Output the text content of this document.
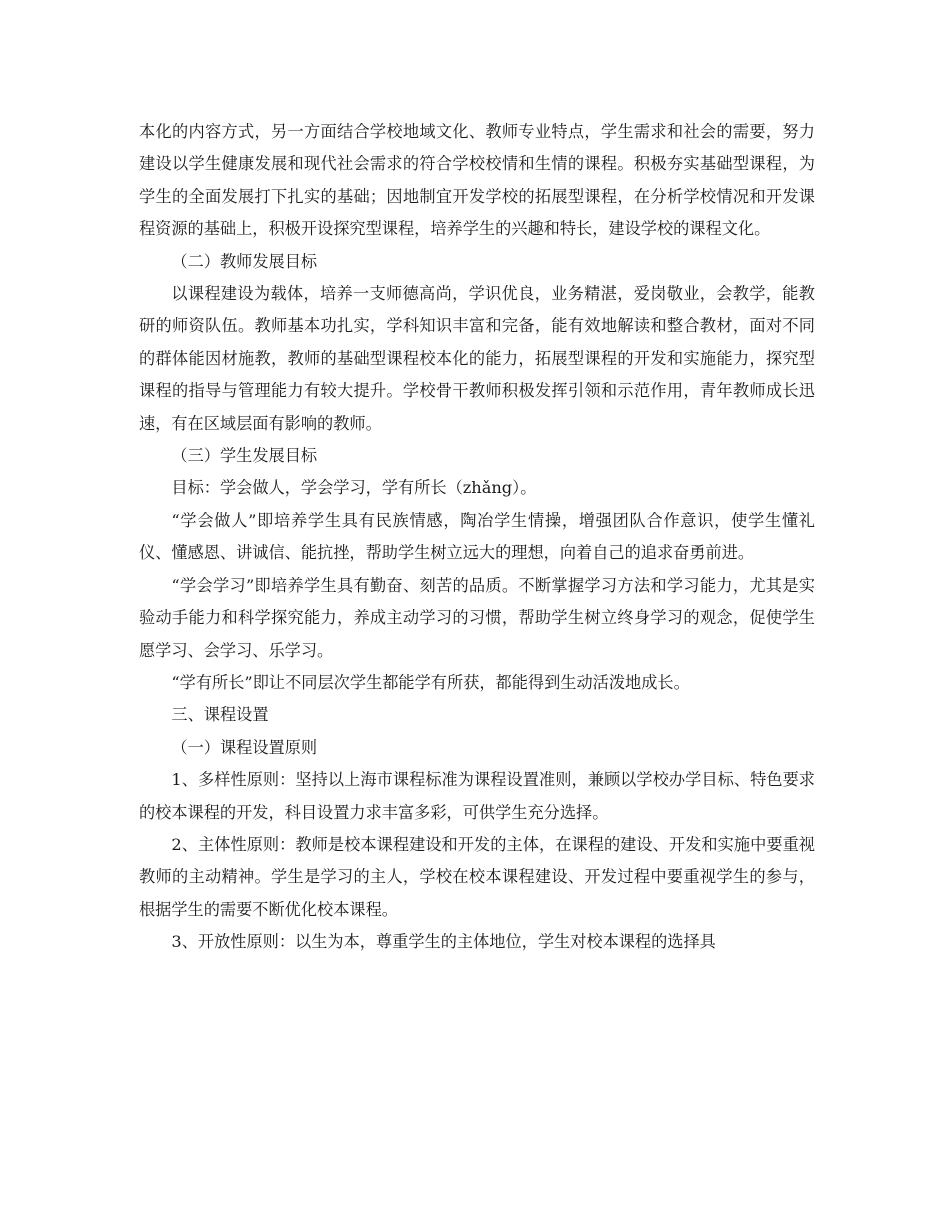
本化的内容方式，另一方面结合学校地域文化、教师专业特点，学生需求和社会的需要，努力建设以学生健康发展和现代社会需求的符合学校校情和生情的课程。积极夯实基础型课程，为学生的全面发展打下扎实的基础；因地制宜开发学校的拓展型课程，在分析学校情况和开发课程资源的基础上，积极开设探究型课程，培养学生的兴趣和特长，建设学校的课程文化。

（二）教师发展目标

以课程建设为载体，培养一支师德高尚，学识优良，业务精湛，爱岗敬业，会教学，能教研的师资队伍。教师基本功扎实，学科知识丰富和完备，能有效地解读和整合教材，面对不同的群体能因材施教，教师的基础型课程校本化的能力，拓展型课程的开发和实施能力，探究型课程的指导与管理能力有较大提升。学校骨干教师积极发挥引领和示范作用，青年教师成长迅速，有在区域层面有影响的教师。

（三）学生发展目标

目标：学会做人，学会学习，学有所长（zhǎng）。

“学会做人”即培养学生具有民族情感，陶冶学生情操，增强团队合作意识，使学生懂礼仪、懂感恩、讲诚信、能抗挫，帮助学生树立远大的理想，向着自己的追求奋勇前进。

“学会学习”即培养学生具有勤奋、刻苦的品质。不断掌握学习方法和学习能力，尤其是实验动手能力和科学探究能力，养成主动学习的习惯，帮助学生树立终身学习的观念，促使学生愿学习、会学习、乐学习。

“学有所长”即让不同层次学生都能学有所获，都能得到生动活泼地成长。

三、课程设置

（一）课程设置原则

1、多样性原则：坚持以上海市课程标准为课程设置准则，兼顾以学校办学目标、特色要求的校本课程的开发，科目设置力求丰富多彩，可供学生充分选择。

2、主体性原则：教师是校本课程建设和开发的主体，在课程的建设、开发和实施中要重视教师的主动精神。学生是学习的主人，学校在校本课程建设、开发过程中要重视学生的参与，根据学生的需要不断优化校本课程。

3、开放性原则：以生为本，尊重学生的主体地位，学生对校本课程的选择具
